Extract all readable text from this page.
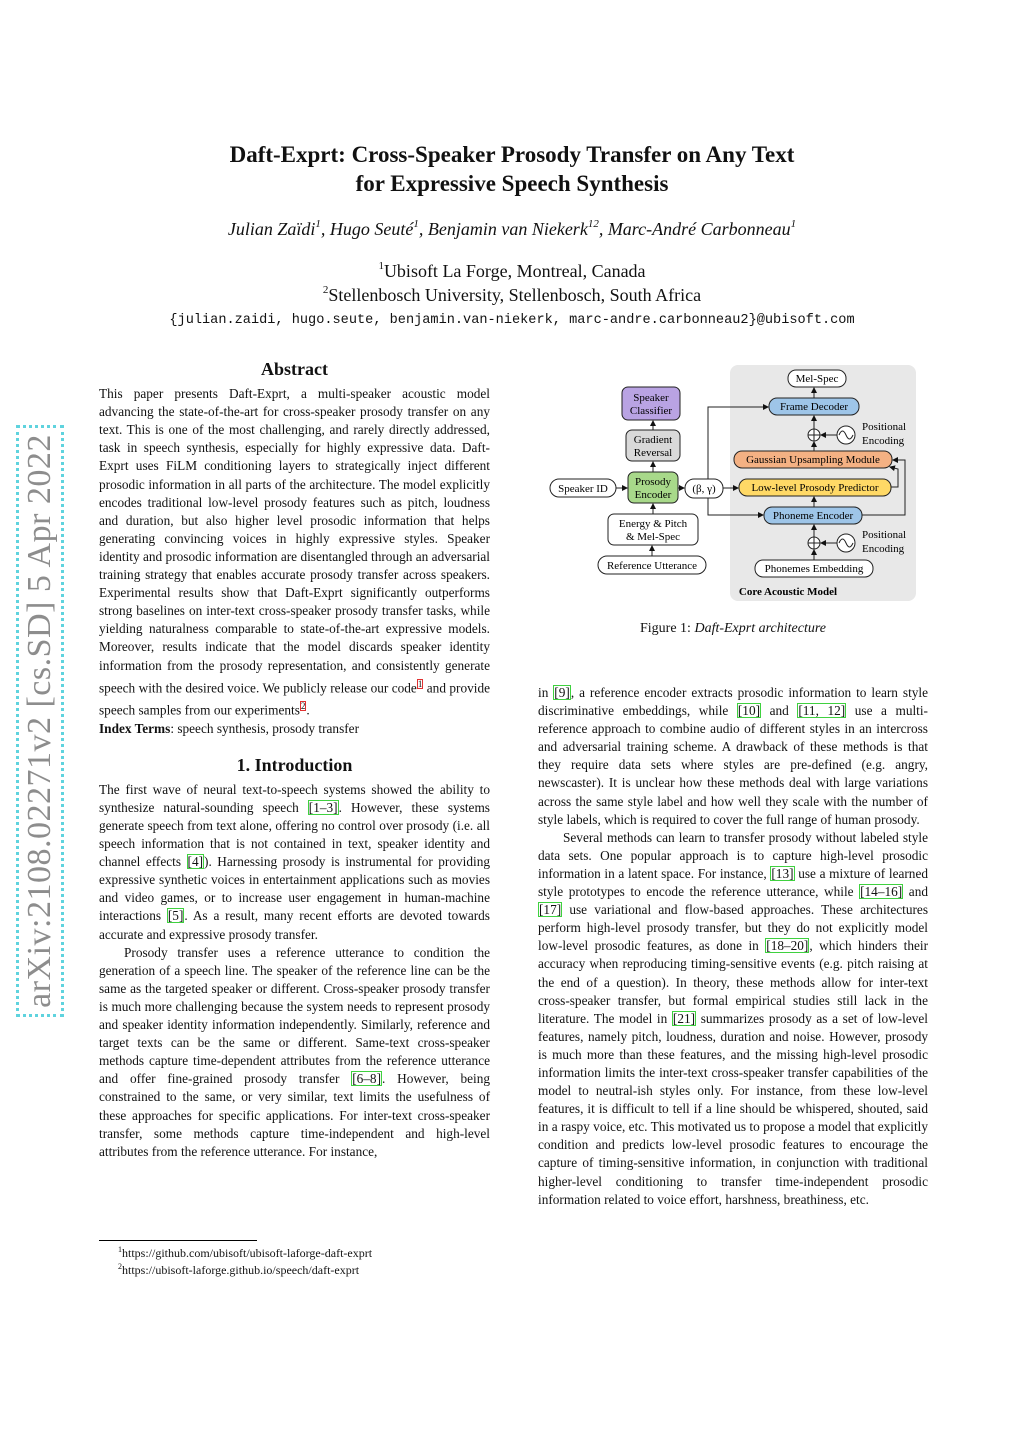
arXiv:2108.02271v2 [cs.SD] 5 Apr 2022
Daft-Exprt: Cross-Speaker Prosody Transfer on Any Text
for Expressive Speech Synthesis
Julian Zaïdi$^1$, Hugo Seuté$^1$, Benjamin van Niekerk$^{12}$, Marc-André Carbonneau$^1$
$^1$Ubisoft La Forge, Montreal, Canada
$^2$Stellenbosch University, Stellenbosch, South Africa
{julian.zaidi, hugo.seute, benjamin.van-niekerk, marc-andre.carbonneau2}@ubisoft.com
Abstract

This paper presents Daft-Exprt, a multi-speaker acoustic model advancing the state-of-the-art for cross-speaker prosody transfer on any text. This is one of the most challenging, and rarely directly addressed, task in speech synthesis, especially for highly expressive data. Daft-Exprt uses FiLM conditioning layers to strategically inject different prosodic information in all parts of the architecture. The model explicitly encodes traditional low-level prosody features such as pitch, loudness and duration, but also higher level prosodic information that helps generating convincing voices in highly expressive styles. Speaker identity and prosodic information are disentangled through an adversarial training strategy that enables accurate prosody transfer across speakers. Experimental results show that Daft-Exprt significantly outperforms strong baselines on inter-text cross-speaker prosody transfer tasks, while yielding naturalness comparable to state-of-the-art expressive models. Moreover, results indicate that the model discards speaker identity information from the prosody representation, and consistently generate speech with the desired voice. We publicly release our code$^1$ and provide speech samples from our experiments$^2$.

Index Terms: speech synthesis, prosody transfer

1. Introduction

The first wave of neural text-to-speech systems showed the ability to synthesize natural-sounding speech [1–3]. However, these systems generate speech from text alone, offering no control over prosody (i.e. all speech information that is not contained in text, speaker identity and channel effects [4]). Harnessing prosody is instrumental for providing expressive synthetic voices in entertainment applications such as movies and video games, or to increase user engagement in human-machine interactions [5]. As a result, many recent efforts are devoted towards accurate and expressive prosody transfer.

Prosody transfer uses a reference utterance to condition the generation of a speech line. The speaker of the reference line can be the same as the targeted speaker or different. Cross-speaker prosody transfer is much more challenging because the system needs to represent prosody and speaker identity information independently. Similarly, reference and target texts can be the same or different. Same-text cross-speaker methods capture time-dependent attributes from the reference utterance and offer fine-grained prosody transfer [6–8]. However, being constrained to the same, or very similar, text limits the usefulness of these approaches for specific applications. For inter-text cross-speaker transfer, some methods capture time-independent and high-level attributes from the reference utterance. For instance,

$^1$https://github.com/ubisoft/ubisoft-laforge-daft-exprt
$^2$https://ubisoft-laforge.github.io/speech/daft-exprt
Speaker
Classifier
Gradient
Reversal
Prosody
Encoder
Speaker ID
Energy & Pitch
& Mel-Spec
Reference Utterance
(β, γ)
Mel-Spec
Frame Decoder
Positional
Encoding
Gaussian Upsampling Module
Low-level Prosody Predictor
Phoneme Encoder
Positional
Encoding
Phonemes Embedding
Core Acoustic Model
Figure 1: Daft-Exprt architecture

in [9], a reference encoder extracts prosodic information to learn style discriminative embeddings, while [10] and [11, 12] use a multi-reference approach to combine audio of different styles in an intercross and adversarial training scheme. A drawback of these methods is that they require data sets where styles are pre-defined (e.g. angry, newscaster). It is unclear how these methods deal with large variations across the same style label and how well they scale with the number of style labels, which is required to cover the full range of human prosody.

Several methods can learn to transfer prosody without labeled style data sets. One popular approach is to capture high-level prosodic information in a latent space. For instance, [13] use a mixture of learned style prototypes to encode the reference utterance, while [14–16] and [17] use variational and flow-based approaches. These architectures perform high-level prosody transfer, but they do not explicitly model low-level prosodic features, as done in [18–20], which hinders their accuracy when reproducing timing-sensitive events (e.g. pitch raising at the end of a question). In theory, these methods allow for inter-text cross-speaker transfer, but formal empirical studies still lack in the literature. The model in [21] summarizes prosody as a set of low-level features, namely pitch, loudness, duration and noise. However, prosody is much more than these features, and the missing high-level prosodic information limits the inter-text cross-speaker transfer capabilities of the model to neutral-ish styles only. For instance, from these low-level features, it is difficult to tell if a line should be whispered, shouted, said in a raspy voice, etc. This motivated us to propose a model that explicitly condition and predicts low-level prosodic features to encourage the capture of timing-sensitive information, in conjunction with traditional higher-level conditioning to transfer time-independent prosodic information related to voice effort, harshness, breathiness, etc.
